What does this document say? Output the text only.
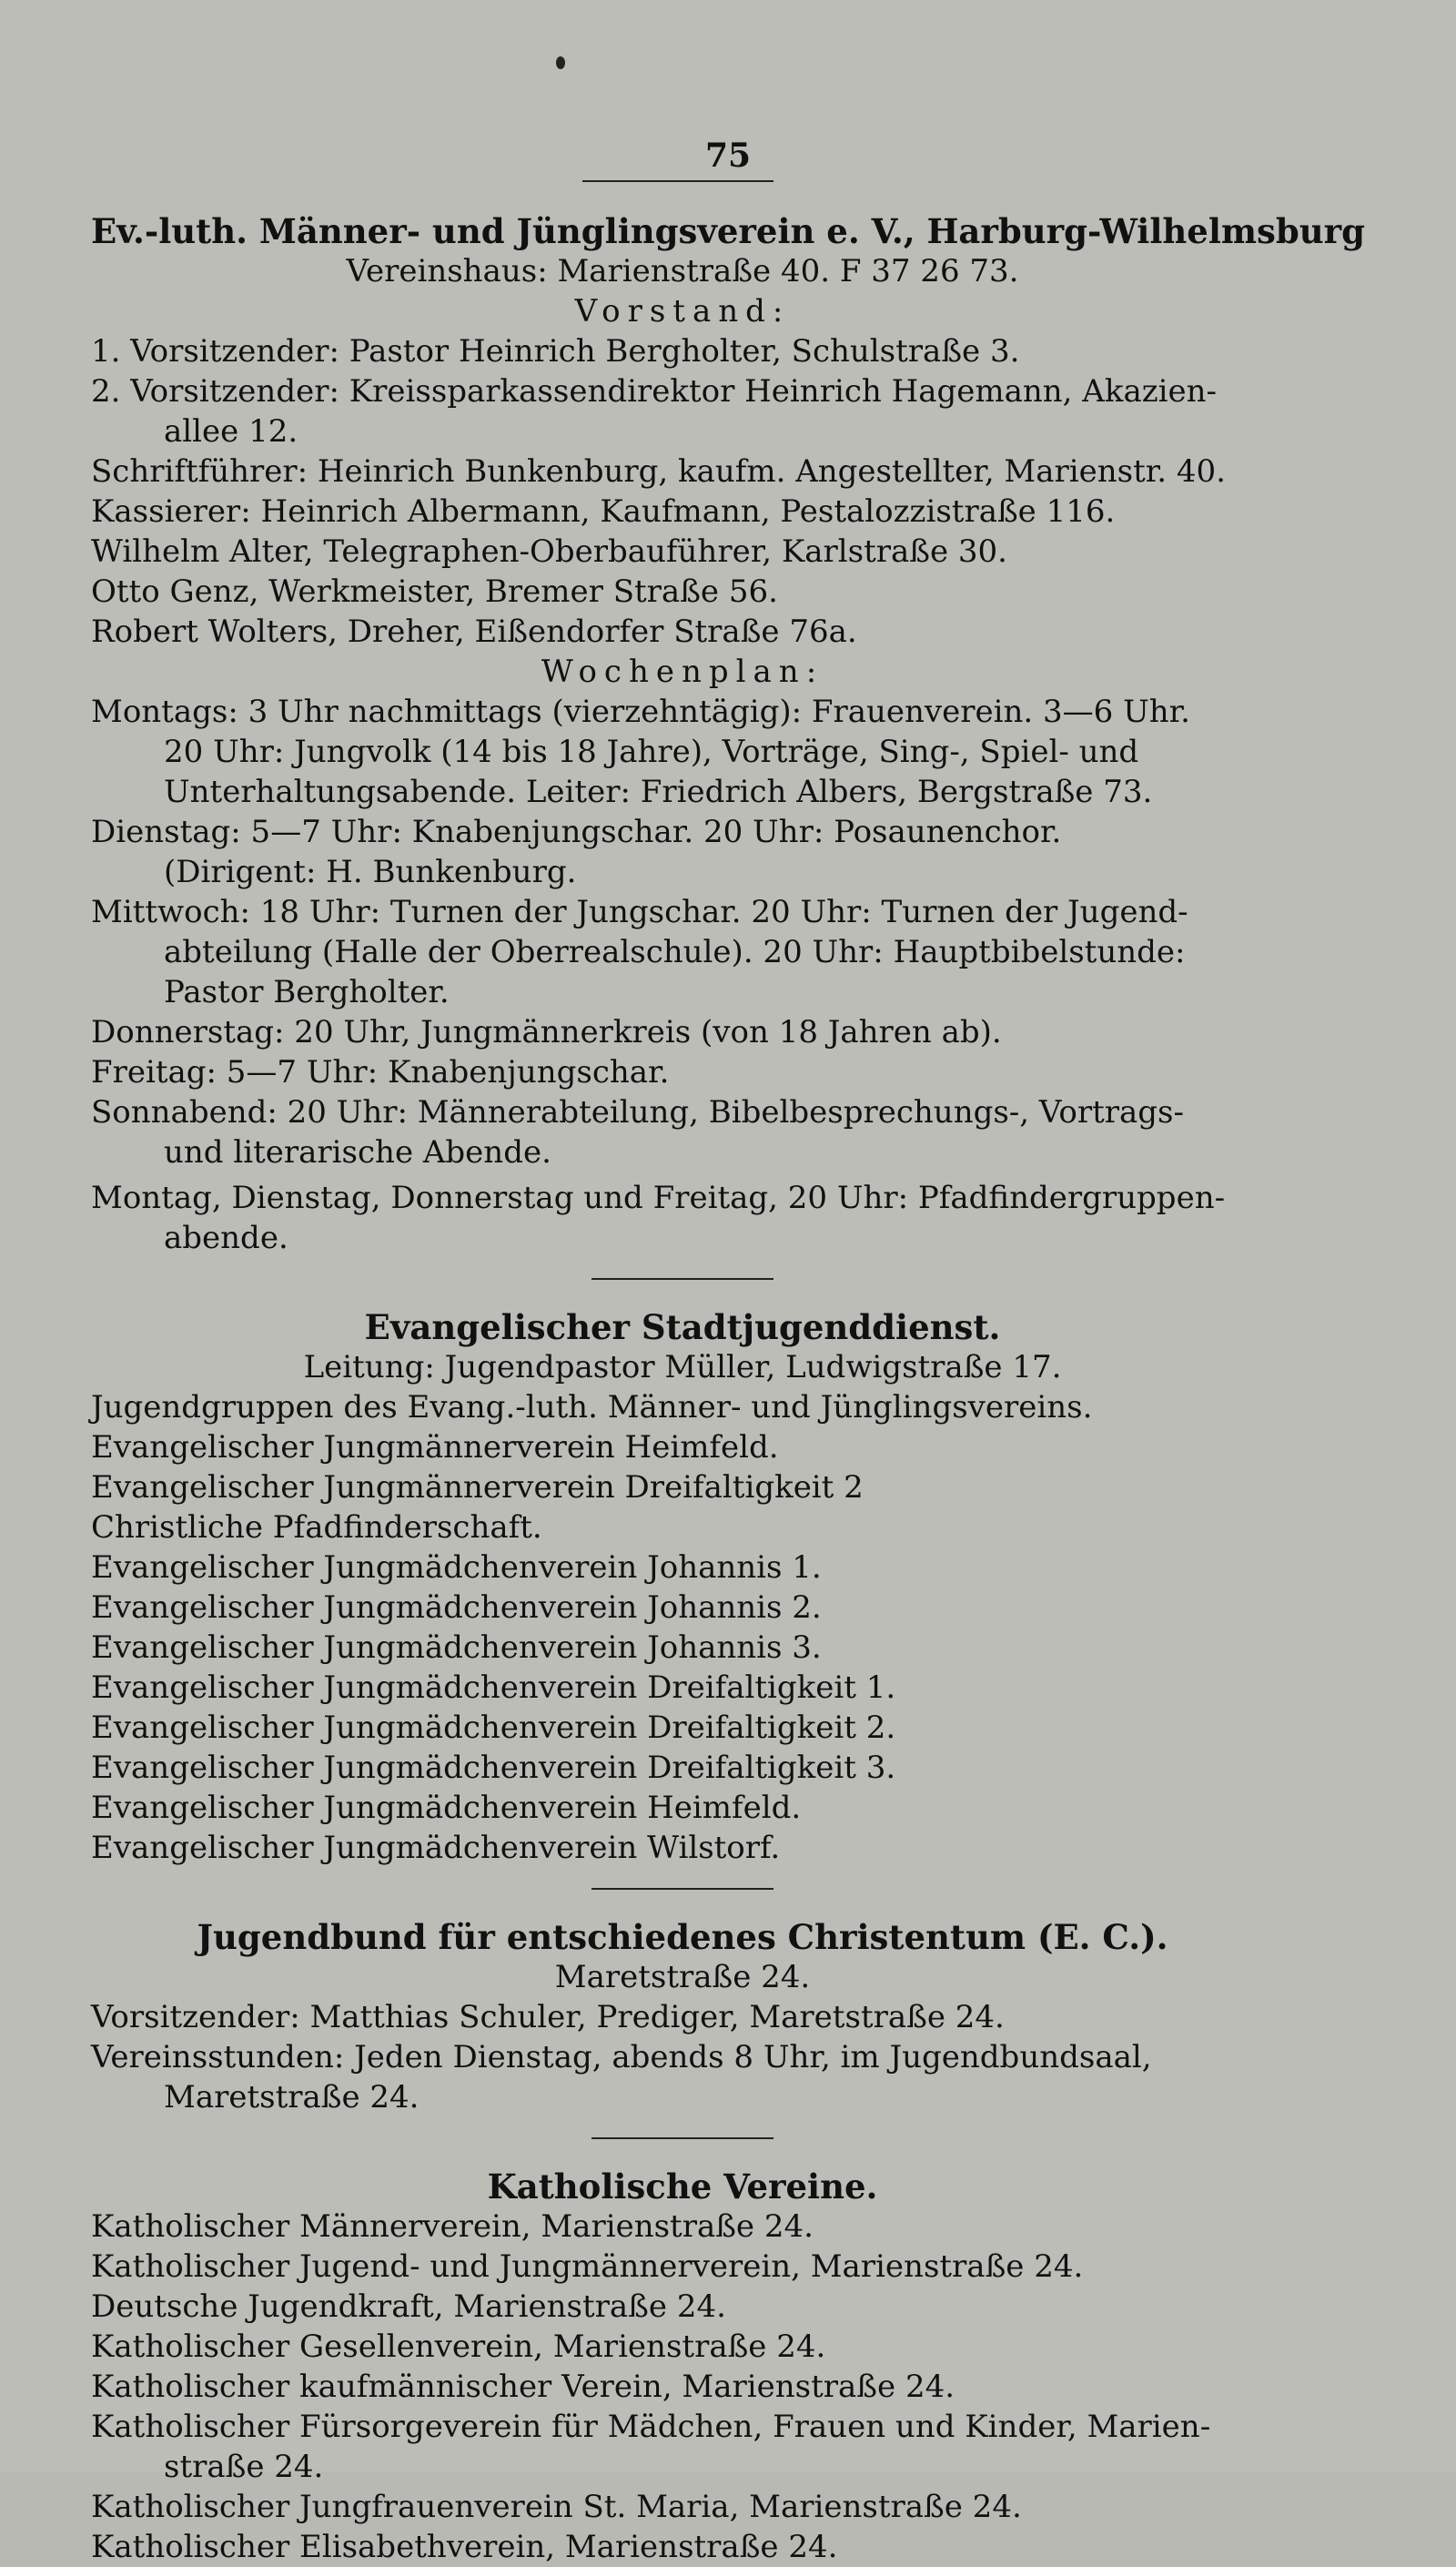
75
Ev.-luth. Männer- und Jünglingsverein e. V., Harburg-Wilhelmsburg
Vereinshaus: Marienstraße 40. F 37 26 73.
Vorstand:
1. Vorsitzender: Pastor Heinrich Bergholter, Schulstraße 3.
2. Vorsitzender: Kreissparkassendirektor Heinrich Hagemann, Akazien-
allee 12.
Schriftführer: Heinrich Bunkenburg, kaufm. Angestellter, Marienstr. 40.
Kassierer: Heinrich Albermann, Kaufmann, Pestalozzistraße 116.
Wilhelm Alter, Telegraphen-Oberbauführer, Karlstraße 30.
Otto Genz, Werkmeister, Bremer Straße 56.
Robert Wolters, Dreher, Eißendorfer Straße 76a.
Wochenplan:
Montags: 3 Uhr nachmittags (vierzehntägig): Frauenverein. 3—6 Uhr.
20 Uhr: Jungvolk (14 bis 18 Jahre), Vorträge, Sing-, Spiel- und
Unterhaltungsabende. Leiter: Friedrich Albers, Bergstraße 73.
Dienstag: 5—7 Uhr: Knabenjungschar. 20 Uhr: Posaunenchor.
(Dirigent: H. Bunkenburg.
Mittwoch: 18 Uhr: Turnen der Jungschar. 20 Uhr: Turnen der Jugend-
abteilung (Halle der Oberrealschule). 20 Uhr: Hauptbibelstunde:
Pastor Bergholter.
Donnerstag: 20 Uhr, Jungmännerkreis (von 18 Jahren ab).
Freitag: 5—7 Uhr: Knabenjungschar.
Sonnabend: 20 Uhr: Männerabteilung, Bibelbesprechungs-, Vortrags-
und literarische Abende.
Montag, Dienstag, Donnerstag und Freitag, 20 Uhr: Pfadfindergruppen-
abende.
Evangelischer Stadtjugenddienst.
Leitung: Jugendpastor Müller, Ludwigstraße 17.
Jugendgruppen des Evang.-luth. Männer- und Jünglingsvereins.
Evangelischer Jungmännerverein Heimfeld.
Evangelischer Jungmännerverein Dreifaltigkeit 2
Christliche Pfadfinderschaft.
Evangelischer Jungmädchenverein Johannis 1.
Evangelischer Jungmädchenverein Johannis 2.
Evangelischer Jungmädchenverein Johannis 3.
Evangelischer Jungmädchenverein Dreifaltigkeit 1.
Evangelischer Jungmädchenverein Dreifaltigkeit 2.
Evangelischer Jungmädchenverein Dreifaltigkeit 3.
Evangelischer Jungmädchenverein Heimfeld.
Evangelischer Jungmädchenverein Wilstorf.
Jugendbund für entschiedenes Christentum (E. C.).
Maretstraße 24.
Vorsitzender: Matthias Schuler, Prediger, Maretstraße 24.
Vereinsstunden: Jeden Dienstag, abends 8 Uhr, im Jugendbundsaal,
Maretstraße 24.
Katholische Vereine.
Katholischer Männerverein, Marienstraße 24.
Katholischer Jugend- und Jungmännerverein, Marienstraße 24.
Deutsche Jugendkraft, Marienstraße 24.
Katholischer Gesellenverein, Marienstraße 24.
Katholischer kaufmännischer Verein, Marienstraße 24.
Katholischer Fürsorgeverein für Mädchen, Frauen und Kinder, Marien-
straße 24.
Katholischer Jungfrauenverein St. Maria, Marienstraße 24.
Katholischer Elisabethverein, Marienstraße 24.
